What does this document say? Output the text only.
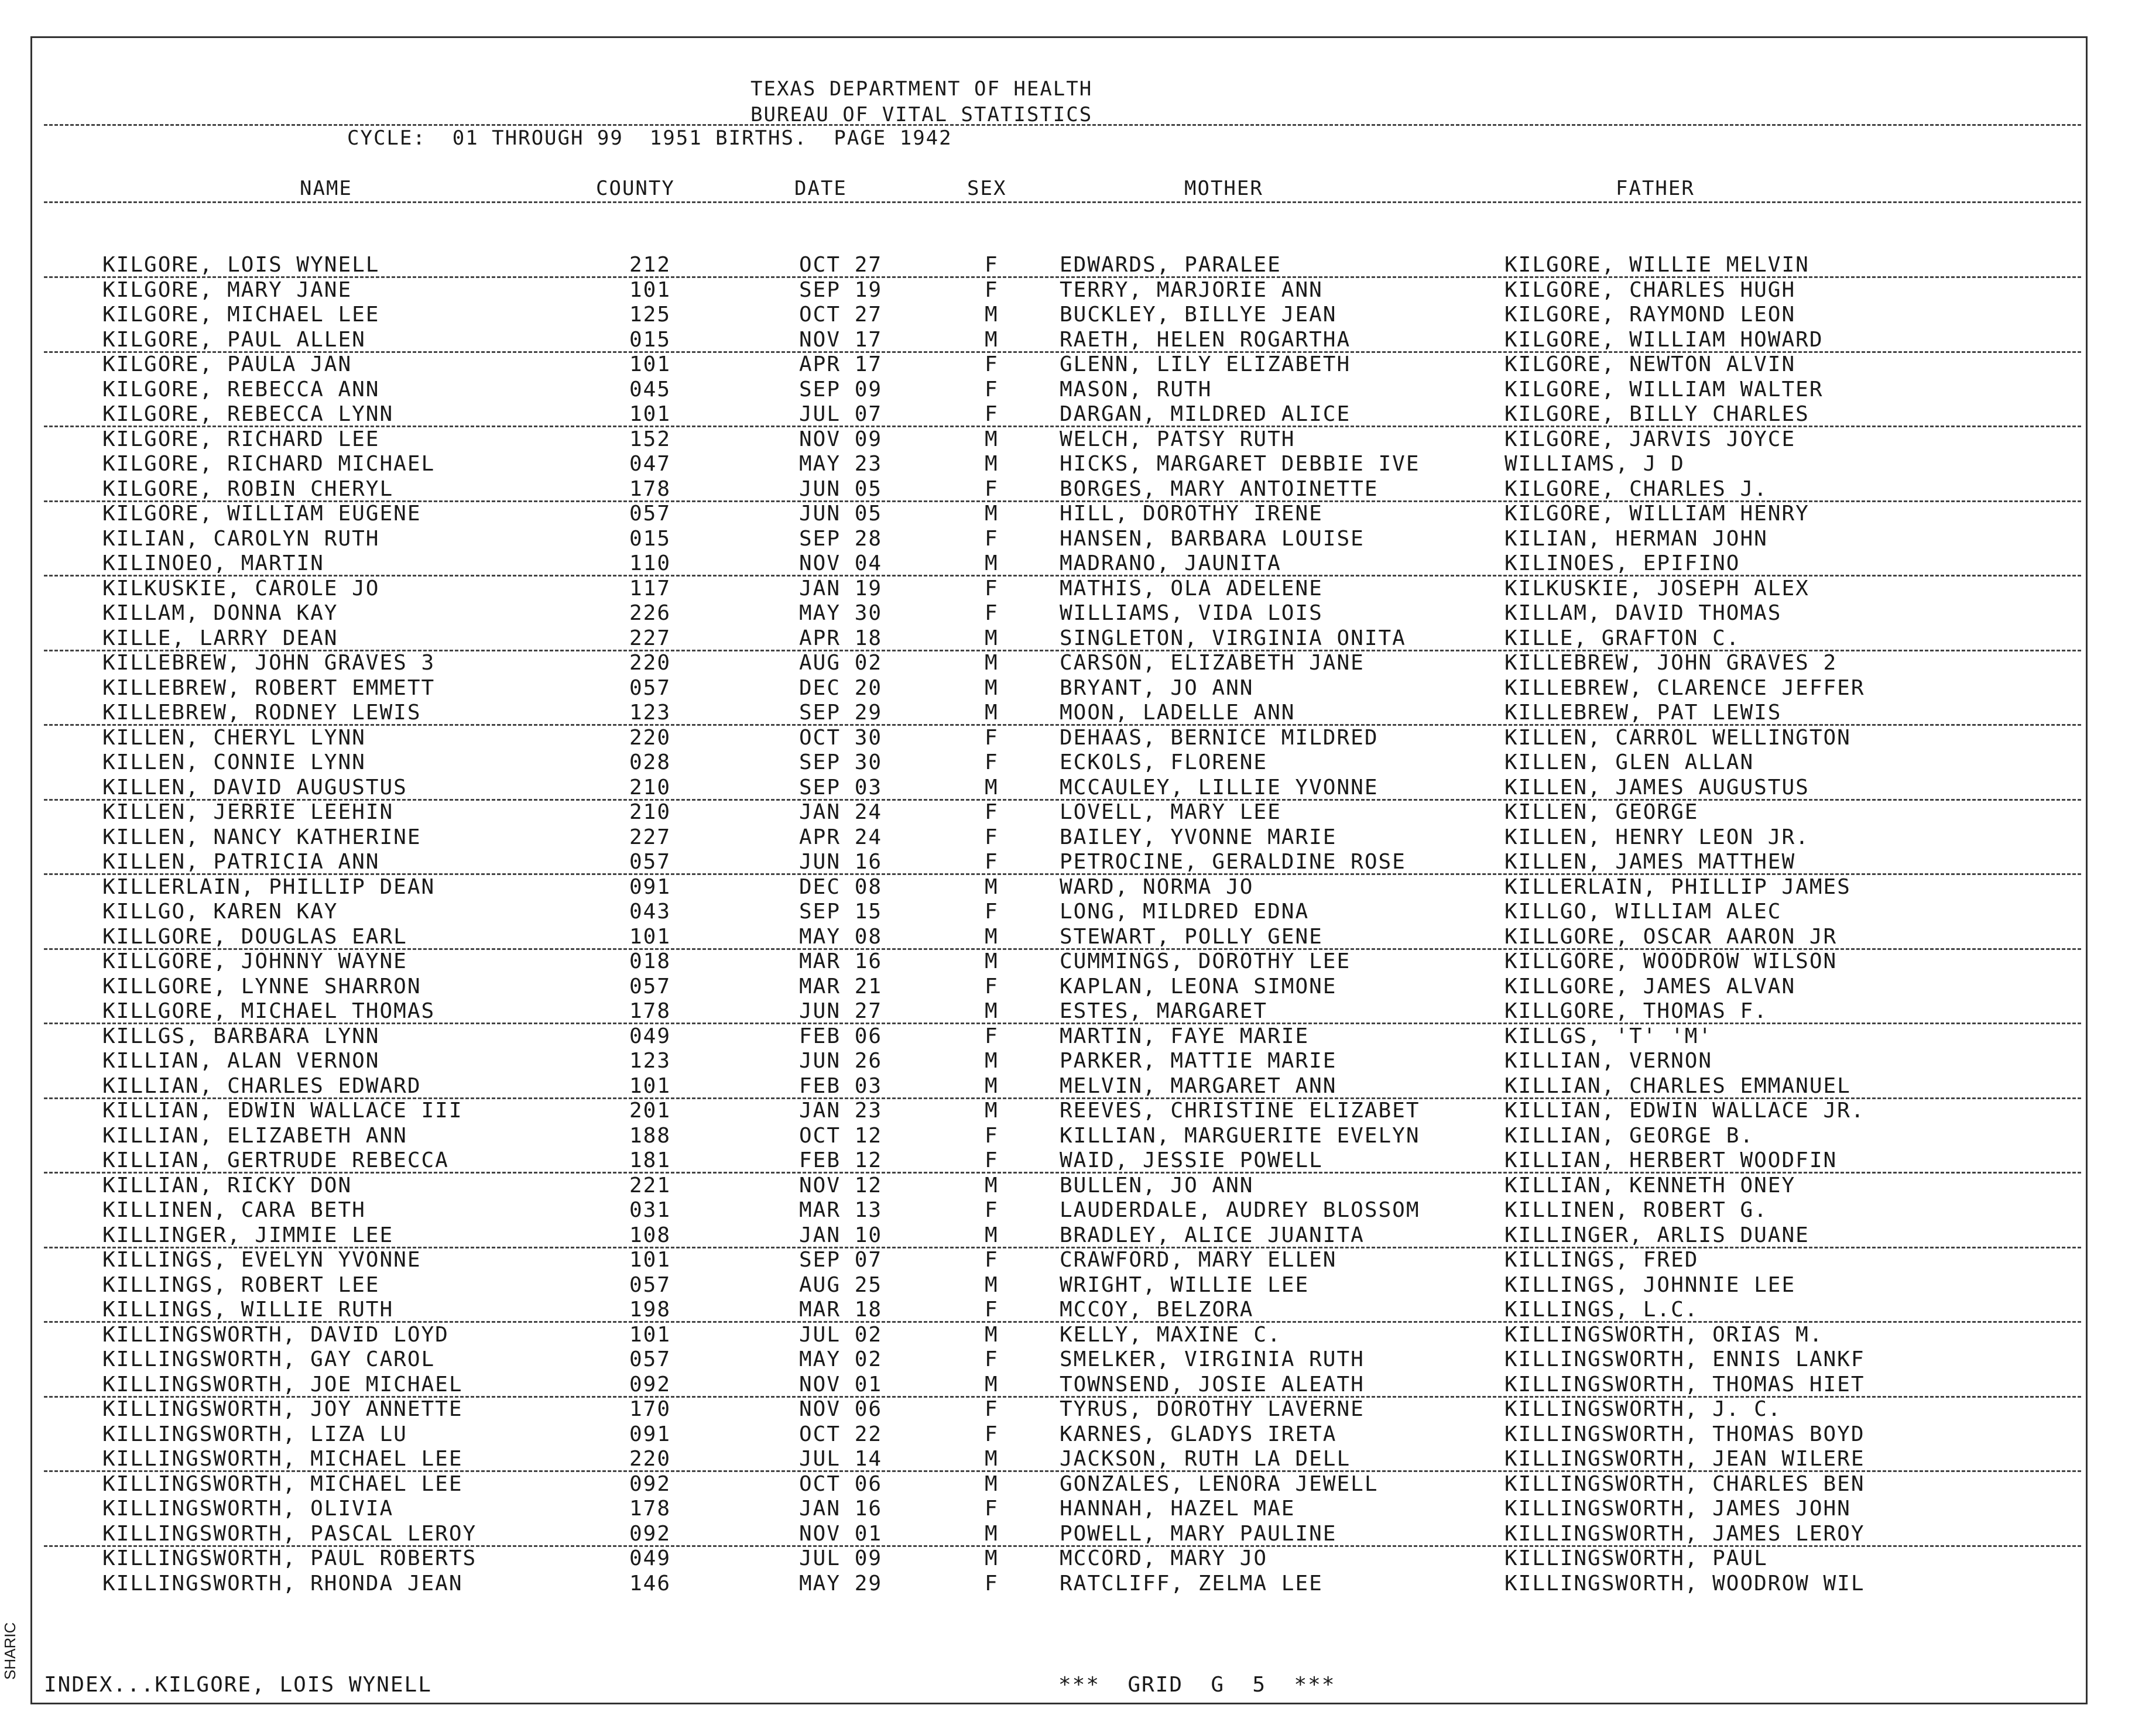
TEXAS DEPARTMENT OF HEALTH
BUREAU OF VITAL STATISTICS
CYCLE:  01 THROUGH 99  1951 BIRTHS.  PAGE 1942
NAME	COUNTY	DATE	SEX	MOTHER	FATHER
KILGORE, LOIS WYNELL	212	OCT 27	F	EDWARDS, PARALEE	KILGORE, WILLIE MELVIN
KILGORE, MARY JANE	101	SEP 19	F	TERRY, MARJORIE ANN	KILGORE, CHARLES HUGH
KILGORE, MICHAEL LEE	125	OCT 27	M	BUCKLEY, BILLYE JEAN	KILGORE, RAYMOND LEON
KILGORE, PAUL ALLEN	015	NOV 17	M	RAETH, HELEN ROGARTHA	KILGORE, WILLIAM HOWARD
KILGORE, PAULA JAN	101	APR 17	F	GLENN, LILY ELIZABETH	KILGORE, NEWTON ALVIN
KILGORE, REBECCA ANN	045	SEP 09	F	MASON, RUTH	KILGORE, WILLIAM WALTER
KILGORE, REBECCA LYNN	101	JUL 07	F	DARGAN, MILDRED ALICE	KILGORE, BILLY CHARLES
KILGORE, RICHARD LEE	152	NOV 09	M	WELCH, PATSY RUTH	KILGORE, JARVIS JOYCE
KILGORE, RICHARD MICHAEL	047	MAY 23	M	HICKS, MARGARET DEBBIE IVE	WILLIAMS, J D
KILGORE, ROBIN CHERYL	178	JUN 05	F	BORGES, MARY ANTOINETTE	KILGORE, CHARLES J.
KILGORE, WILLIAM EUGENE	057	JUN 05	M	HILL, DOROTHY IRENE	KILGORE, WILLIAM HENRY
KILIAN, CAROLYN RUTH	015	SEP 28	F	HANSEN, BARBARA LOUISE	KILIAN, HERMAN JOHN
KILINOEO, MARTIN	110	NOV 04	M	MADRANO, JAUNITA	KILINOES, EPIFINO
KILKUSKIE, CAROLE JO	117	JAN 19	F	MATHIS, OLA ADELENE	KILKUSKIE, JOSEPH ALEX
KILLAM, DONNA KAY	226	MAY 30	F	WILLIAMS, VIDA LOIS	KILLAM, DAVID THOMAS
KILLE, LARRY DEAN	227	APR 18	M	SINGLETON, VIRGINIA ONITA	KILLE, GRAFTON C.
KILLEBREW, JOHN GRAVES 3	220	AUG 02	M	CARSON, ELIZABETH JANE	KILLEBREW, JOHN GRAVES 2
KILLEBREW, ROBERT EMMETT	057	DEC 20	M	BRYANT, JO ANN	KILLEBREW, CLARENCE JEFFER
KILLEBREW, RODNEY LEWIS	123	SEP 29	M	MOON, LADELLE ANN	KILLEBREW, PAT LEWIS
KILLEN, CHERYL LYNN	220	OCT 30	F	DEHAAS, BERNICE MILDRED	KILLEN, CARROL WELLINGTON
KILLEN, CONNIE LYNN	028	SEP 30	F	ECKOLS, FLORENE	KILLEN, GLEN ALLAN
KILLEN, DAVID AUGUSTUS	210	SEP 03	M	MCCAULEY, LILLIE YVONNE	KILLEN, JAMES AUGUSTUS
KILLEN, JERRIE LEEHIN	210	JAN 24	F	LOVELL, MARY LEE	KILLEN, GEORGE
KILLEN, NANCY KATHERINE	227	APR 24	F	BAILEY, YVONNE MARIE	KILLEN, HENRY LEON JR.
KILLEN, PATRICIA ANN	057	JUN 16	F	PETROCINE, GERALDINE ROSE	KILLEN, JAMES MATTHEW
KILLERLAIN, PHILLIP DEAN	091	DEC 08	M	WARD, NORMA JO	KILLERLAIN, PHILLIP JAMES
KILLGO, KAREN KAY	043	SEP 15	F	LONG, MILDRED EDNA	KILLGO, WILLIAM ALEC
KILLGORE, DOUGLAS EARL	101	MAY 08	M	STEWART, POLLY GENE	KILLGORE, OSCAR AARON JR
KILLGORE, JOHNNY WAYNE	018	MAR 16	M	CUMMINGS, DOROTHY LEE	KILLGORE, WOODROW WILSON
KILLGORE, LYNNE SHARRON	057	MAR 21	F	KAPLAN, LEONA SIMONE	KILLGORE, JAMES ALVAN
KILLGORE, MICHAEL THOMAS	178	JUN 27	M	ESTES, MARGARET	KILLGORE, THOMAS F.
KILLGS, BARBARA LYNN	049	FEB 06	F	MARTIN, FAYE MARIE	KILLGS, 'T' 'M'
KILLIAN, ALAN VERNON	123	JUN 26	M	PARKER, MATTIE MARIE	KILLIAN, VERNON
KILLIAN, CHARLES EDWARD	101	FEB 03	M	MELVIN, MARGARET ANN	KILLIAN, CHARLES EMMANUEL
KILLIAN, EDWIN WALLACE III	201	JAN 23	M	REEVES, CHRISTINE ELIZABET	KILLIAN, EDWIN WALLACE JR.
KILLIAN, ELIZABETH ANN	188	OCT 12	F	KILLIAN, MARGUERITE EVELYN	KILLIAN, GEORGE B.
KILLIAN, GERTRUDE REBECCA	181	FEB 12	F	WAID, JESSIE POWELL	KILLIAN, HERBERT WOODFIN
KILLIAN, RICKY DON	221	NOV 12	M	BULLEN, JO ANN	KILLIAN, KENNETH ONEY
KILLINEN, CARA BETH	031	MAR 13	F	LAUDERDALE, AUDREY BLOSSOM	KILLINEN, ROBERT G.
KILLINGER, JIMMIE LEE	108	JAN 10	M	BRADLEY, ALICE JUANITA	KILLINGER, ARLIS DUANE
KILLINGS, EVELYN YVONNE	101	SEP 07	F	CRAWFORD, MARY ELLEN	KILLINGS, FRED
KILLINGS, ROBERT LEE	057	AUG 25	M	WRIGHT, WILLIE LEE	KILLINGS, JOHNNIE LEE
KILLINGS, WILLIE RUTH	198	MAR 18	F	MCCOY, BELZORA	KILLINGS, L.C.
KILLINGSWORTH, DAVID LOYD	101	JUL 02	M	KELLY, MAXINE C.	KILLINGSWORTH, ORIAS M.
KILLINGSWORTH, GAY CAROL	057	MAY 02	F	SMELKER, VIRGINIA RUTH	KILLINGSWORTH, ENNIS LANKF
KILLINGSWORTH, JOE MICHAEL	092	NOV 01	M	TOWNSEND, JOSIE ALEATH	KILLINGSWORTH, THOMAS HIET
KILLINGSWORTH, JOY ANNETTE	170	NOV 06	F	TYRUS, DOROTHY LAVERNE	KILLINGSWORTH, J. C.
KILLINGSWORTH, LIZA LU	091	OCT 22	F	KARNES, GLADYS IRETA	KILLINGSWORTH, THOMAS BOYD
KILLINGSWORTH, MICHAEL LEE	220	JUL 14	M	JACKSON, RUTH LA DELL	KILLINGSWORTH, JEAN WILERE
KILLINGSWORTH, MICHAEL LEE	092	OCT 06	M	GONZALES, LENORA JEWELL	KILLINGSWORTH, CHARLES BEN
KILLINGSWORTH, OLIVIA	178	JAN 16	F	HANNAH, HAZEL MAE	KILLINGSWORTH, JAMES JOHN
KILLINGSWORTH, PASCAL LEROY	092	NOV 01	M	POWELL, MARY PAULINE	KILLINGSWORTH, JAMES LEROY
KILLINGSWORTH, PAUL ROBERTS	049	JUL 09	M	MCCORD, MARY JO	KILLINGSWORTH, PAUL
KILLINGSWORTH, RHONDA JEAN	146	MAY 29	F	RATCLIFF, ZELMA LEE	KILLINGSWORTH, WOODROW WIL
INDEX...KILGORE, LOIS WYNELL	***  GRID  G  5  ***
SHARIC
